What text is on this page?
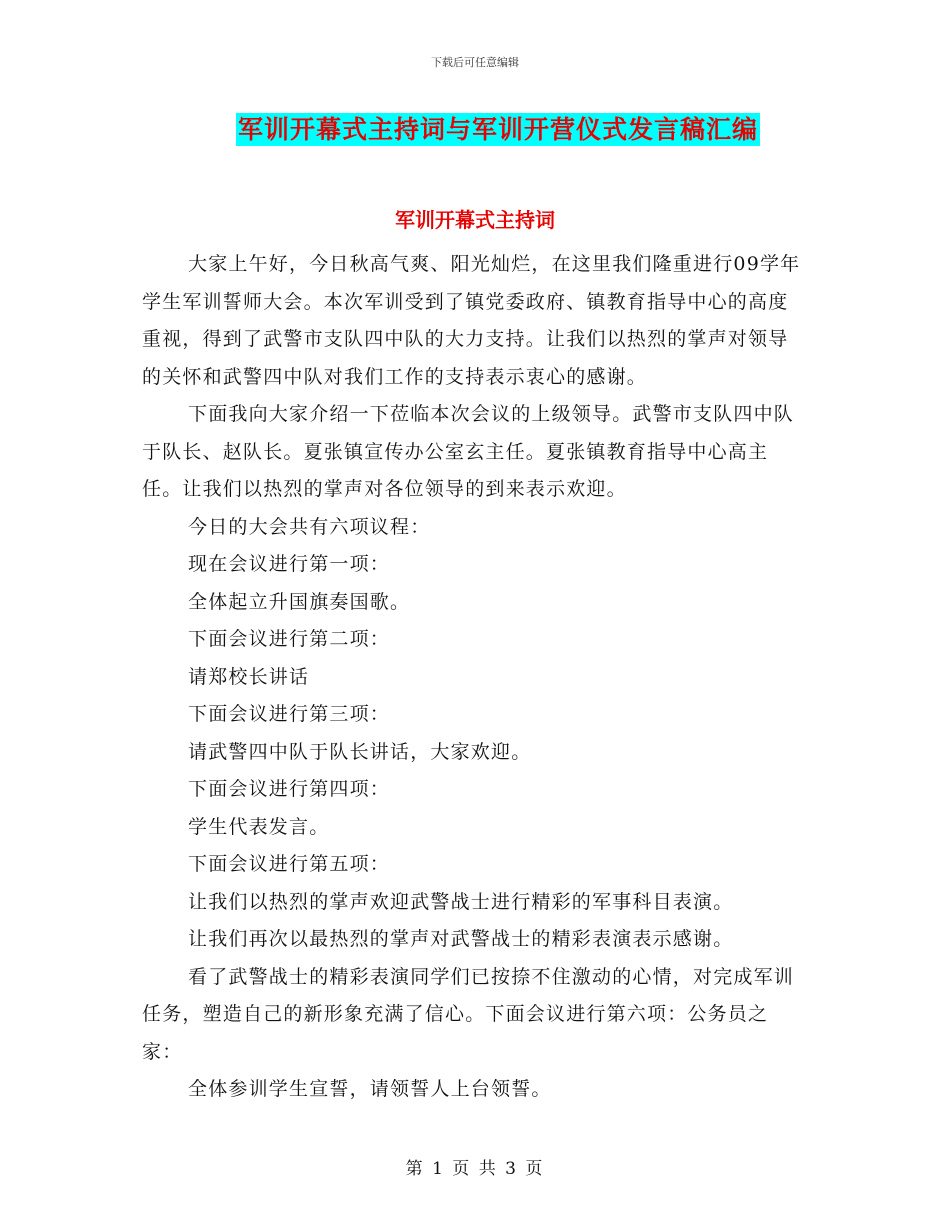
下载后可任意编辑
军训开幕式主持词与军训开营仪式发言稿汇编
军训开幕式主持词

大家上午好，今日秋高气爽、阳光灿烂，在这里我们隆重进行09学年学生军训誓师大会。本次军训受到了镇党委政府、镇教育指导中心的高度重视，得到了武警市支队四中队的大力支持。让我们以热烈的掌声对领导的关怀和武警四中队对我们工作的支持表示衷心的感谢。

下面我向大家介绍一下莅临本次会议的上级领导。武警市支队四中队于队长、赵队长。夏张镇宣传办公室玄主任。夏张镇教育指导中心高主任。让我们以热烈的掌声对各位领导的到来表示欢迎。

今日的大会共有六项议程：

现在会议进行第一项：

全体起立升国旗奏国歌。

下面会议进行第二项：

请郑校长讲话

下面会议进行第三项：

请武警四中队于队长讲话，大家欢迎。

下面会议进行第四项：

学生代表发言。

下面会议进行第五项：

让我们以热烈的掌声欢迎武警战士进行精彩的军事科目表演。

让我们再次以最热烈的掌声对武警战士的精彩表演表示感谢。

看了武警战士的精彩表演同学们已按捺不住激动的心情，对完成军训任务，塑造自己的新形象充满了信心。下面会议进行第六项：公务员之家：

全体参训学生宣誓，请领誓人上台领誓。

第 1 页 共 3 页
